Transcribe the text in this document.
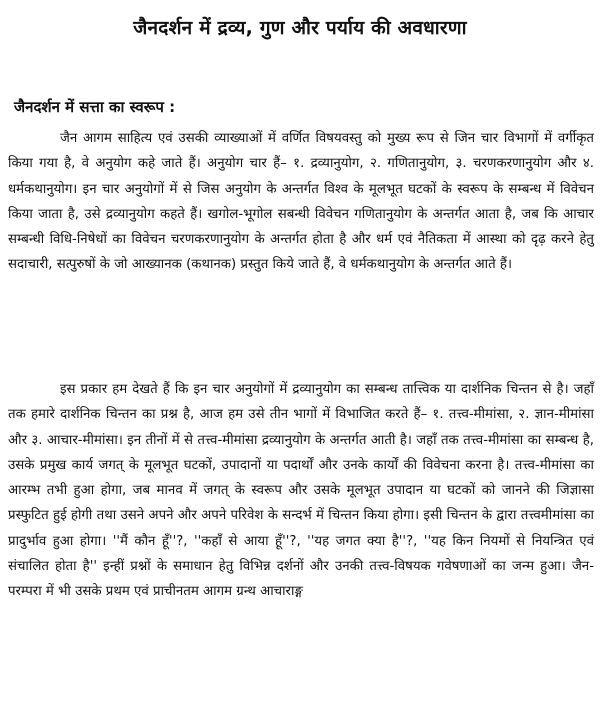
जैनदर्शन में द्रव्य, गुण और पर्याय की अवधारणा
जैनदर्शन में सत्ता का स्वरूप :

जैन आगम साहित्य एवं उसकी व्याख्याओं में वर्णित विषयवस्तु को मुख्य रूप से जिन चार विभागों में वर्गीकृत किया गया है, वे अनुयोग कहे जाते हैं। अनुयोग चार हैं– १. द्रव्यानुयोग, २. गणितानुयोग, ३. चरणकरणानुयोग और ४. धर्मकथानुयोग। इन चार अनुयोगों में से जिस अनुयोग के अन्तर्गत विश्व के मूलभूत घटकों के स्वरूप के सम्बन्ध में विवेचन किया जाता है, उसे द्रव्यानुयोग कहते हैं। खगोल-भूगोल सबन्धी विवेचन गणितानुयोग के अन्तर्गत आता है, जब कि आचार सम्बन्धी विधि-निषेधों का विवेचन चरणकरणानुयोग के अन्तर्गत होता है और धर्म एवं नैतिकता में आस्था को दृढ़ करने हेतु सदाचारी, सत्पुरुषों के जो आख्यानक (कथानक) प्रस्तुत किये जाते हैं, वे धर्मकथानुयोग के अन्तर्गत आते हैं।

इस प्रकार हम देखते हैं कि इन चार अनुयोगों में द्रव्यानुयोग का सम्बन्ध तात्त्विक या दार्शनिक चिन्तन से है। जहाँ तक हमारे दार्शनिक चिन्तन का प्रश्न है, आज हम उसे तीन भागों में विभाजित करते हैं– १. तत्त्व-मीमांसा, २. ज्ञान-मीमांसा और ३. आचार-मीमांसा। इन तीनों में से तत्त्व-मीमांसा द्रव्यानुयोग के अन्तर्गत आती है। जहाँ तक तत्त्व-मीमांसा का सम्बन्ध है, उसके प्रमुख कार्य जगत् के मूलभूत घटकों, उपादानों या पदार्थों और उनके कार्यों की विवेचना करना है। तत्त्व-मीमांसा का आरम्भ तभी हुआ होगा, जब मानव में जगत् के स्वरूप और उसके मूलभूत उपादान या घटकों को जानने की जिज्ञासा प्रस्फुटित हुई होगी तथा उसने अपने और अपने परिवेश के सन्दर्भ में चिन्तन किया होगा। इसी चिन्तन के द्वारा तत्त्वमीमांसा का प्रादुर्भाव हुआ होगा। ''मैं कौन हूँ''?, ''कहाँ से आया हूँ''?, ''यह जगत क्या है''?, ''यह किन नियमों से नियन्त्रित एवं संचालित होता है'' इन्हीं प्रश्नों के समाधान हेतु विभिन्न दर्शनों और उनकी तत्त्व-विषयक गवेषणाओं का जन्म हुआ। जैन-परम्परा में भी उसके प्रथम एवं प्राचीनतम आगम ग्रन्थ आचाराङ्ग
